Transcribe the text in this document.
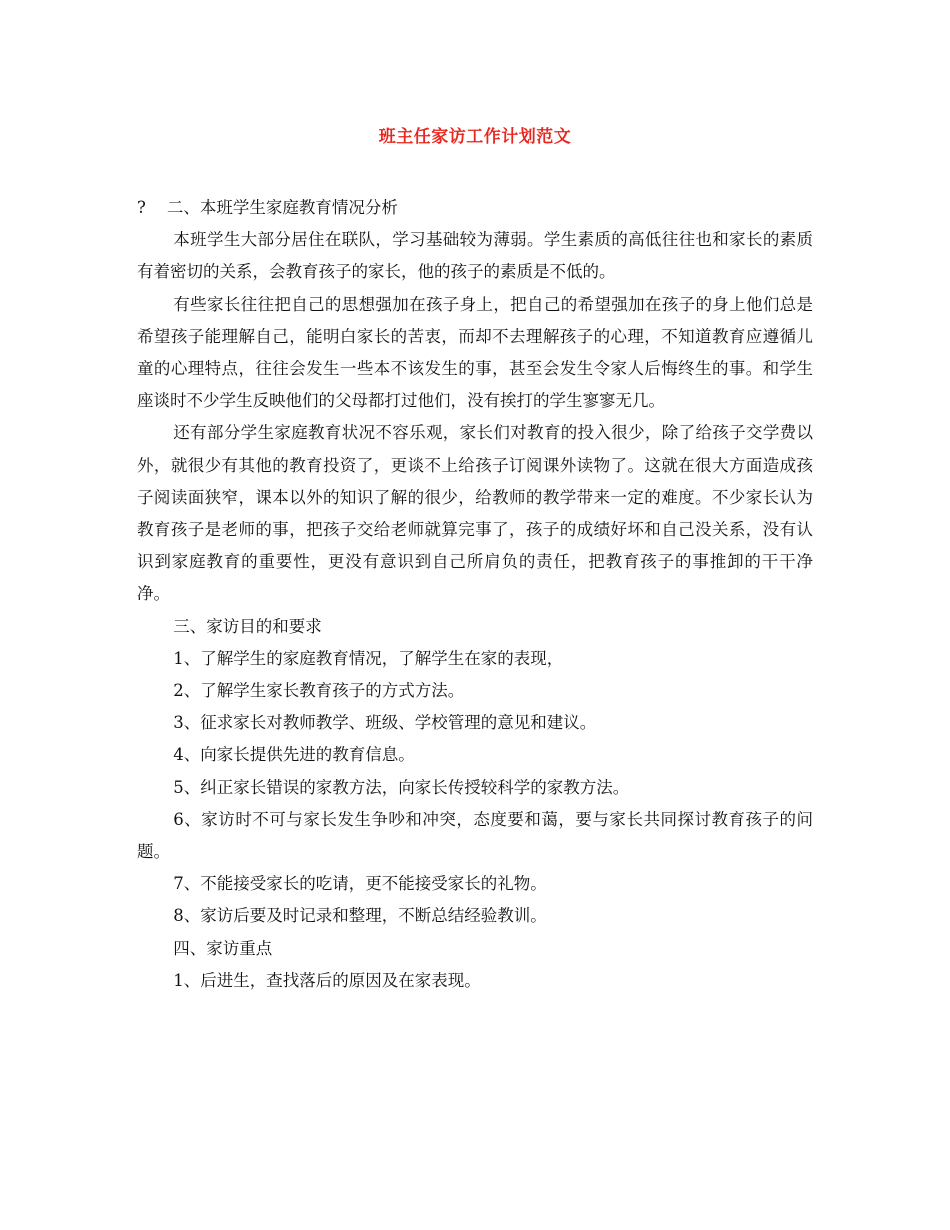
班主任家访工作计划范文

?    二、本班学生家庭教育情况分析

本班学生大部分居住在联队，学习基础较为薄弱。学生素质的高低往往也和家长的素质有着密切的关系，会教育孩子的家长，他的孩子的素质是不低的。

有些家长往往把自己的思想强加在孩子身上，把自己的希望强加在孩子的身上他们总是希望孩子能理解自己，能明白家长的苦衷，而却不去理解孩子的心理，不知道教育应遵循儿童的心理特点，往往会发生一些本不该发生的事，甚至会发生令家人后悔终生的事。和学生座谈时不少学生反映他们的父母都打过他们，没有挨打的学生寥寥无几。

还有部分学生家庭教育状况不容乐观，家长们对教育的投入很少，除了给孩子交学费以外，就很少有其他的教育投资了，更谈不上给孩子订阅课外读物了。这就在很大方面造成孩子阅读面狭窄，课本以外的知识了解的很少，给教师的教学带来一定的难度。不少家长认为教育孩子是老师的事，把孩子交给老师就算完事了，孩子的成绩好坏和自己没关系，没有认识到家庭教育的重要性，更没有意识到自己所肩负的责任，把教育孩子的事推卸的干干净净。

三、家访目的和要求

1、了解学生的家庭教育情况，了解学生在家的表现，

2、了解学生家长教育孩子的方式方法。

3、征求家长对教师教学、班级、学校管理的意见和建议。

4、向家长提供先进的教育信息。

5、纠正家长错误的家教方法，向家长传授较科学的家教方法。

6、家访时不可与家长发生争吵和冲突，态度要和蔼，要与家长共同探讨教育孩子的问题。

7、不能接受家长的吃请，更不能接受家长的礼物。

8、家访后要及时记录和整理，不断总结经验教训。

四、家访重点

1、后进生，查找落后的原因及在家表现。
